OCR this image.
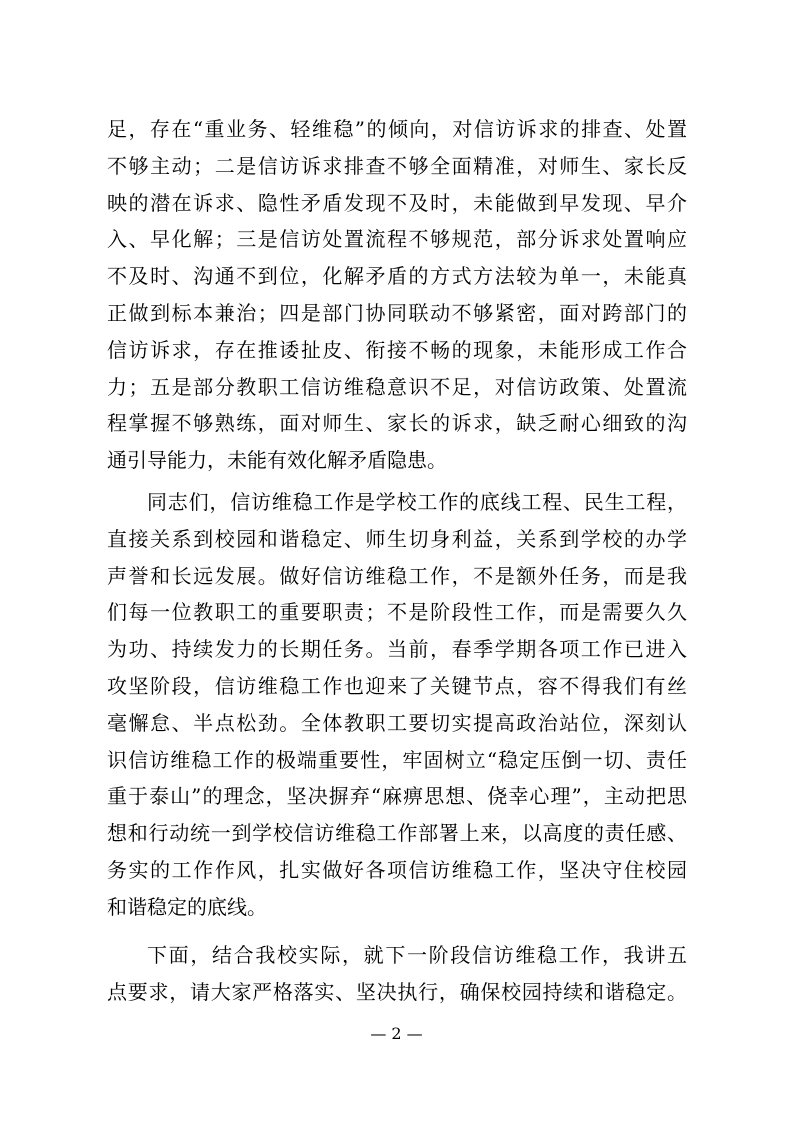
足，存在“重业务、轻维稳”的倾向，对信访诉求的排查、处置
不够主动；二是信访诉求排查不够全面精准，对师生、家长反
映的潜在诉求、隐性矛盾发现不及时，未能做到早发现、早介
入、早化解；三是信访处置流程不够规范，部分诉求处置响应
不及时、沟通不到位，化解矛盾的方式方法较为单一，未能真
正做到标本兼治；四是部门协同联动不够紧密，面对跨部门的
信访诉求，存在推诿扯皮、衔接不畅的现象，未能形成工作合
力；五是部分教职工信访维稳意识不足，对信访政策、处置流
程掌握不够熟练，面对师生、家长的诉求，缺乏耐心细致的沟
通引导能力，未能有效化解矛盾隐患。
同志们，信访维稳工作是学校工作的底线工程、民生工程，
直接关系到校园和谐稳定、师生切身利益，关系到学校的办学
声誉和长远发展。做好信访维稳工作，不是额外任务，而是我
们每一位教职工的重要职责；不是阶段性工作，而是需要久久
为功、持续发力的长期任务。当前，春季学期各项工作已进入
攻坚阶段，信访维稳工作也迎来了关键节点，容不得我们有丝
毫懈怠、半点松劲。全体教职工要切实提高政治站位，深刻认
识信访维稳工作的极端重要性，牢固树立“稳定压倒一切、责任
重于泰山”的理念，坚决摒弃“麻痹思想、侥幸心理”，主动把思
想和行动统一到学校信访维稳工作部署上来，以高度的责任感、
务实的工作作风，扎实做好各项信访维稳工作，坚决守住校园
和谐稳定的底线。
— 2 —
下面，结合我校实际，就下一阶段信访维稳工作，我讲五
点要求，请大家严格落实、坚决执行，确保校园持续和谐稳定。
